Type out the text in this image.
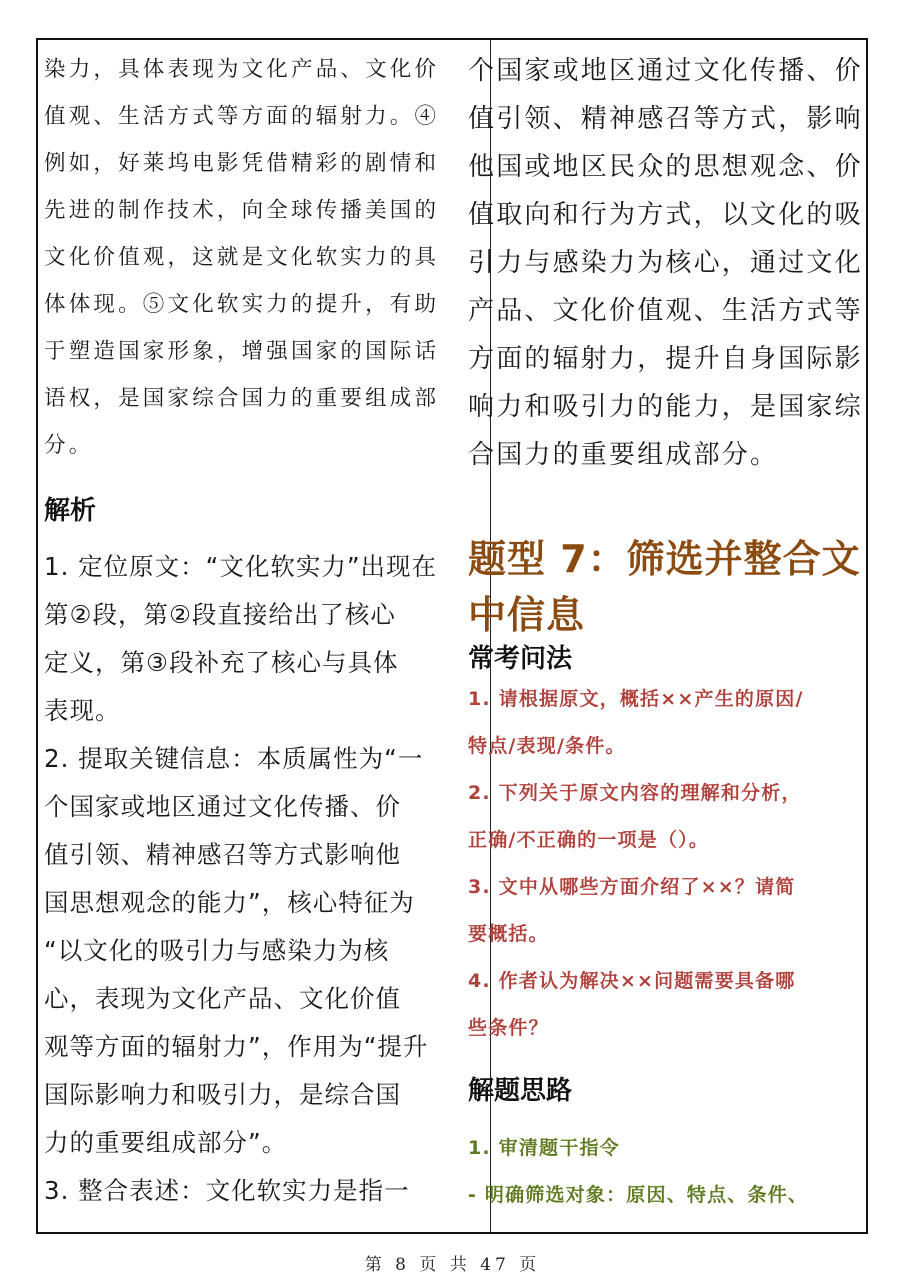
染力，具体表现为文化产品、文化价
值观、生活方式等方面的辐射力。④
例如，好莱坞电影凭借精彩的剧情和
先进的制作技术，向全球传播美国的
文化价值观，这就是文化软实力的具
体体现。⑤文化软实力的提升，有助
于塑造国家形象，增强国家的国际话
语权，是国家综合国力的重要组成部
分。
解析
1. 定位原文：“文化软实力”出现在
第②段，第②段直接给出了核心
定义，第③段补充了核心与具体
表现。
2. 提取关键信息：本质属性为“一
个国家或地区通过文化传播、价
值引领、精神感召等方式影响他
国思想观念的能力”，核心特征为
“以文化的吸引力与感染力为核
心，表现为文化产品、文化价值
观等方面的辐射力”，作用为“提升
国际影响力和吸引力，是综合国
力的重要组成部分”。
3. 整合表述：文化软实力是指一
个国家或地区通过文化传播、价
值引领、精神感召等方式，影响
他国或地区民众的思想观念、价
值取向和行为方式，以文化的吸
引力与感染力为核心，通过文化
产品、文化价值观、生活方式等
方面的辐射力，提升自身国际影
响力和吸引力的能力，是国家综
合国力的重要组成部分。
题型 7：筛选并整合文
中信息
常考问法
1. 请根据原文，概括××产生的原因/
特点/表现/条件。
2. 下列关于原文内容的理解和分析，
正确/不正确的一项是（）。
3. 文中从哪些方面介绍了××？请简
要概括。
4. 作者认为解决××问题需要具备哪
些条件？
解题思路
1. 审清题干指令
- 明确筛选对象：原因、特点、条件、
第 8 页 共 47 页
